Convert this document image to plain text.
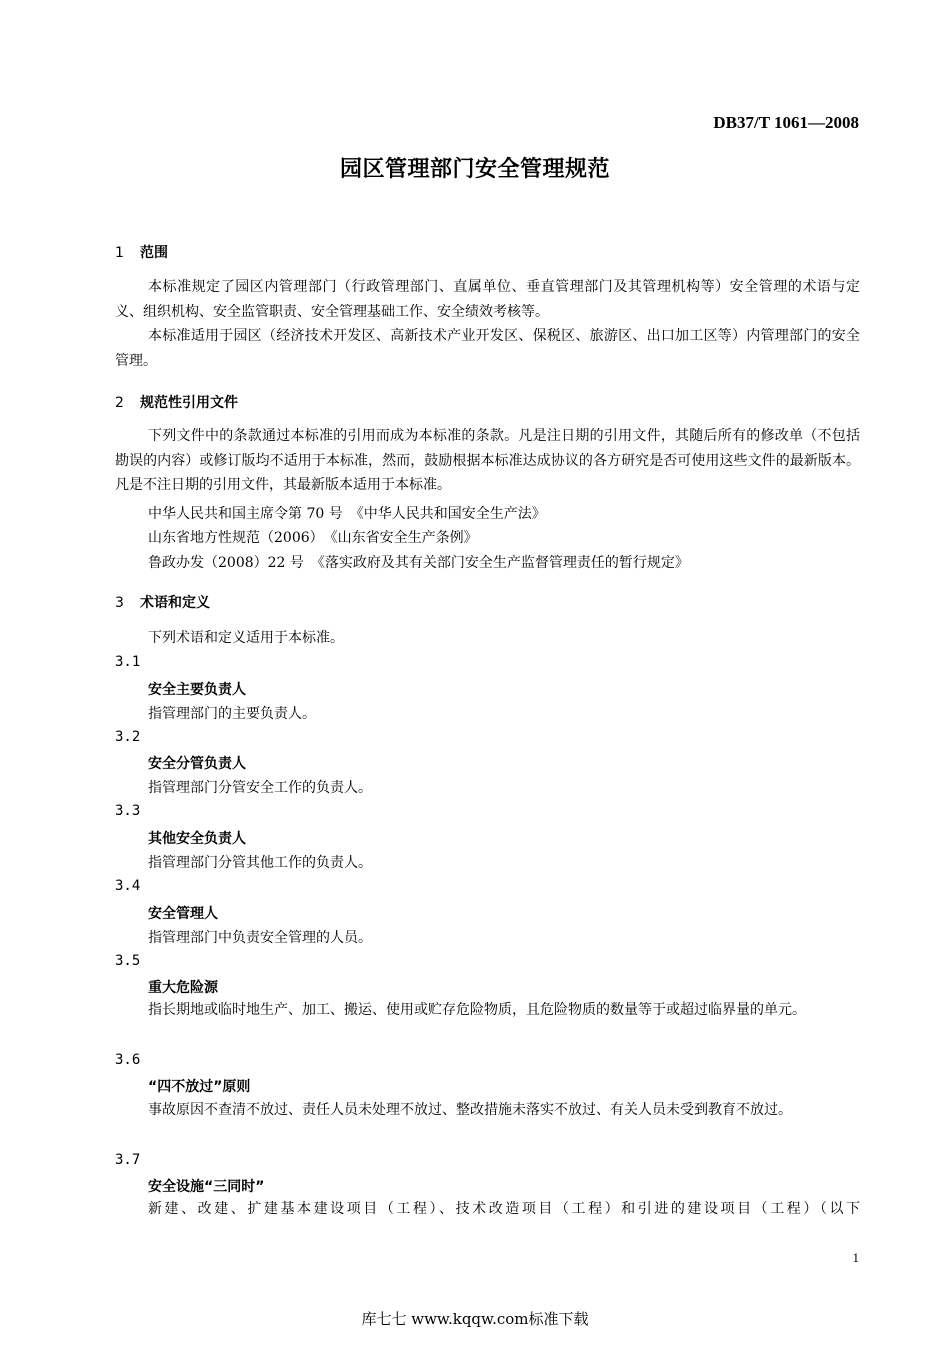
DB37/T 1061—2008
园区管理部门安全管理规范
1 范围
本标准规定了园区内管理部门（行政管理部门、直属单位、垂直管理部门及其管理机构等）安全管理的术语与定义、组织机构、安全监管职责、安全管理基础工作、安全绩效考核等。
本标准适用于园区（经济技术开发区、高新技术产业开发区、保税区、旅游区、出口加工区等）内管理部门的安全管理。
2 规范性引用文件
下列文件中的条款通过本标准的引用而成为本标准的条款。凡是注日期的引用文件，其随后所有的修改单（不包括勘误的内容）或修订版均不适用于本标准，然而，鼓励根据本标准达成协议的各方研究是否可使用这些文件的最新版本。凡是不注日期的引用文件，其最新版本适用于本标准。
中华人民共和国主席令第 70 号　《中华人民共和国安全生产法》
山东省地方性规范（2006）　《山东省安全生产条例》
鲁政办发（2008）22 号　《落实政府及其有关部门安全生产监督管理责任的暂行规定》
3 术语和定义
下列术语和定义适用于本标准。
3.1
安全主要负责人
指管理部门的主要负责人。
3.2
安全分管负责人
指管理部门分管安全工作的负责人。
3.3
其他安全负责人
指管理部门分管其他工作的负责人。
3.4
安全管理人
指管理部门中负责安全管理的人员。
3.5
重大危险源
指长期地或临时地生产、加工、搬运、使用或贮存危险物质，且危险物质的数量等于或超过临界量的单元。
3.6
“四不放过”原则
事故原因不查清不放过、责任人员未处理不放过、整改措施未落实不放过、有关人员未受到教育不放过。
3.7
安全设施“三同时”
新建、改建、扩建基本建设项目（工程）、技术改造项目（工程）和引进的建设项目（工程）（以下
1
库七七 www.kqqw.com标准下载
